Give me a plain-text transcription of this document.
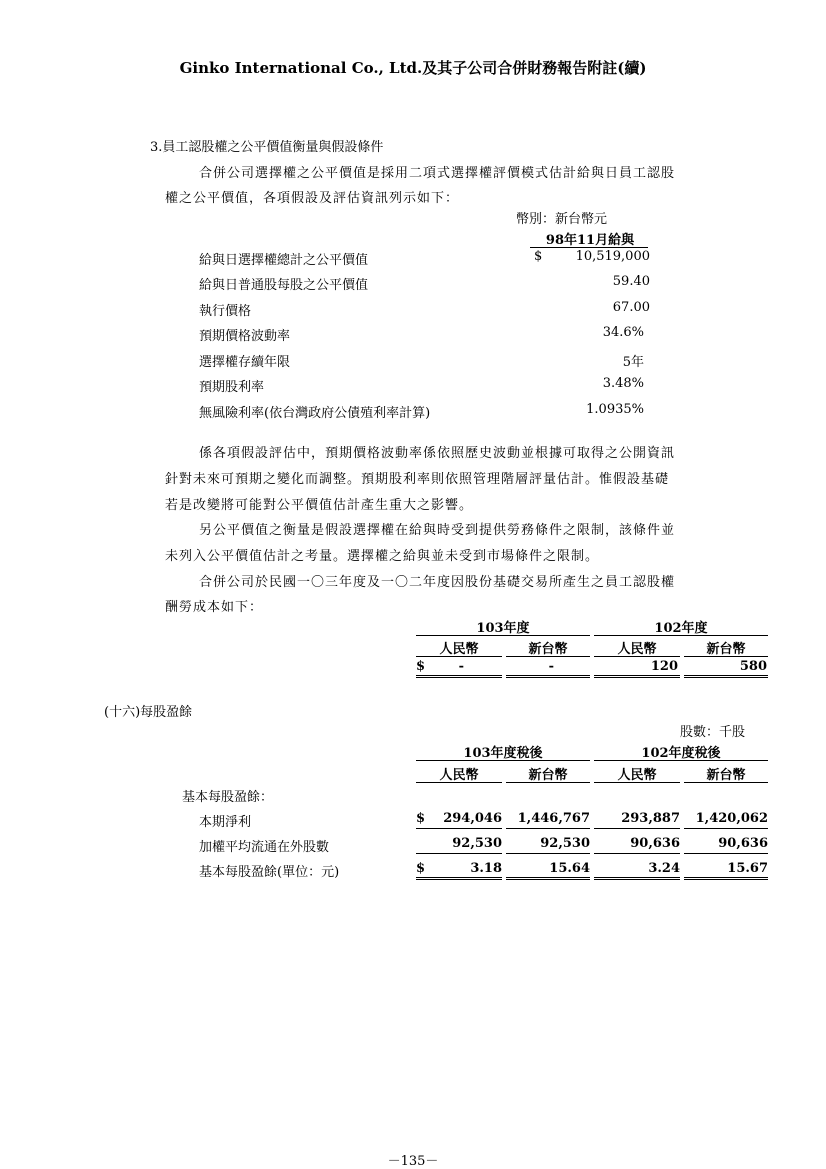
Ginko International Co., Ltd.及其子公司合併財務報告附註(續)
3.員工認股權之公平價值衡量與假設條件
合併公司選擇權之公平價值是採用二項式選擇權評價模式估計給與日員工認股
權之公平價值，各項假設及評估資訊列示如下：
幣別：新台幣元
98年11月給與
給與日選擇權總計之公平價值	$	10,519,000
給與日普通股每股之公平價值	59.40
執行價格	67.00
預期價格波動率	34.6%
選擇權存續年限	5年
預期股利率	3.48%
無風險利率(依台灣政府公債殖利率計算)	1.0935%
係各項假設評估中，預期價格波動率係依照歷史波動並根據可取得之公開資訊
針對未來可預期之變化而調整。預期股利率則依照管理階層評量估計。惟假設基礎
若是改變將可能對公平價值估計產生重大之影響。
另公平價值之衡量是假設選擇權在給與時受到提供勞務條件之限制，該條件並
未列入公平價值估計之考量。選擇權之給與並未受到市場條件之限制。
合併公司於民國一〇三年度及一〇二年度因股份基礎交易所產生之員工認股權
酬勞成本如下：
103年度	102年度
人民幣	新台幣	人民幣	新台幣
$	-	-	120	580
(十六)每股盈餘
股數：千股
103年度稅後	102年度稅後
人民幣	新台幣	人民幣	新台幣
基本每股盈餘：
本期淨利	$	294,046	1,446,767	293,887	1,420,062
加權平均流通在外股數	92,530	92,530	90,636	90,636
基本每股盈餘(單位：元)	$	3.18	15.64	3.24	15.67
－135－
